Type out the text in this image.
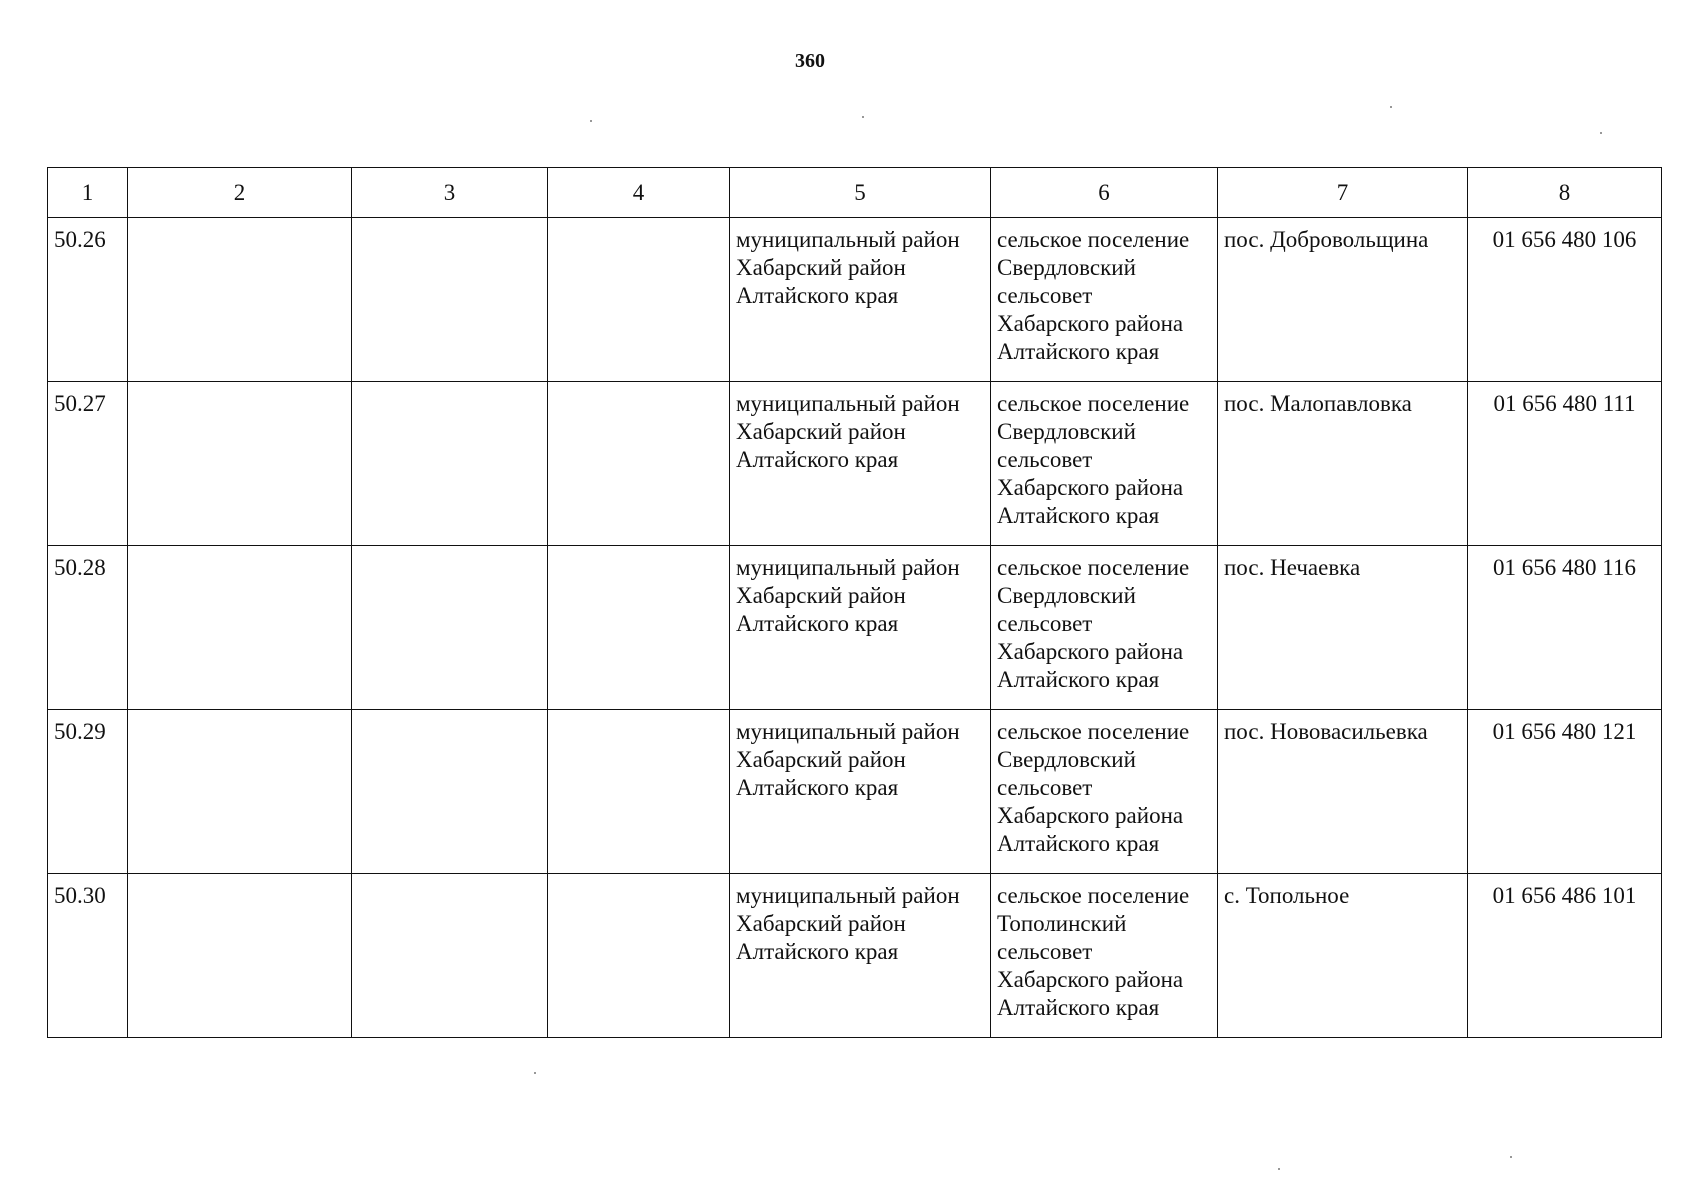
360
1	2	3	4	5	6	7	8
50.26				муниципальный район
Хабарский район
Алтайского края	сельское поселение
Свердловский
сельсовет
Хабарского района
Алтайского края	пос. Добровольщина	01 656 480 106
50.27				муниципальный район
Хабарский район
Алтайского края	сельское поселение
Свердловский
сельсовет
Хабарского района
Алтайского края	пос. Малопавловка	01 656 480 111
50.28				муниципальный район
Хабарский район
Алтайского края	сельское поселение
Свердловский
сельсовет
Хабарского района
Алтайского края	пос. Нечаевка	01 656 480 116
50.29				муниципальный район
Хабарский район
Алтайского края	сельское поселение
Свердловский
сельсовет
Хабарского района
Алтайского края	пос. Нововасильевка	01 656 480 121
50.30				муниципальный район
Хабарский район
Алтайского края	сельское поселение
Тополинский
сельсовет
Хабарского района
Алтайского края	с. Топольное	01 656 486 101
